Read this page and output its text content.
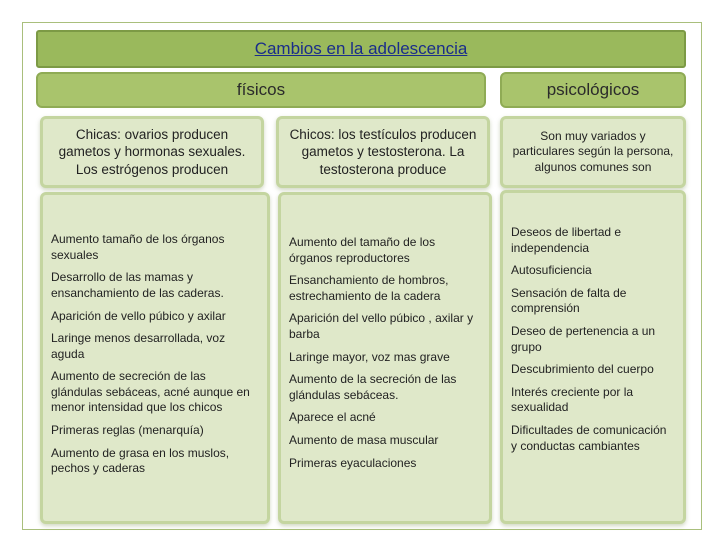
Cambios en la adolescencia
físicos	psicológicos
Chicas: ovarios producen gametos y hormonas sexuales. Los estrógenos producen
Chicos: los testículos producen gametos y testosterona. La testosterona produce
Son muy variados y particulares según la persona, algunos comunes son

Aumento tamaño de los órganos sexuales

Desarrollo de las mamas y ensanchamiento de las caderas.

Aparición de vello púbico y axilar

Laringe menos desarrollada, voz aguda

Aumento de secreción de las glándulas sebáceas, acné aunque en menor intensidad que los chicos

Primeras reglas (menarquía)

Aumento de grasa en los muslos, pechos y caderas

Aumento del tamaño de los órganos reproductores

Ensanchamiento de hombros, estrechamiento de la cadera

Aparición del vello púbico , axilar y barba

Laringe mayor, voz mas grave

Aumento de la secreción de las glándulas sebáceas.

Aparece el acné

Aumento de masa muscular

Primeras eyaculaciones

Deseos de libertad e independencia

Autosuficiencia

Sensación de falta de comprensión

Deseo de pertenencia a un grupo

Descubrimiento del cuerpo

Interés creciente por la sexualidad

Dificultades de comunicación y conductas cambiantes
